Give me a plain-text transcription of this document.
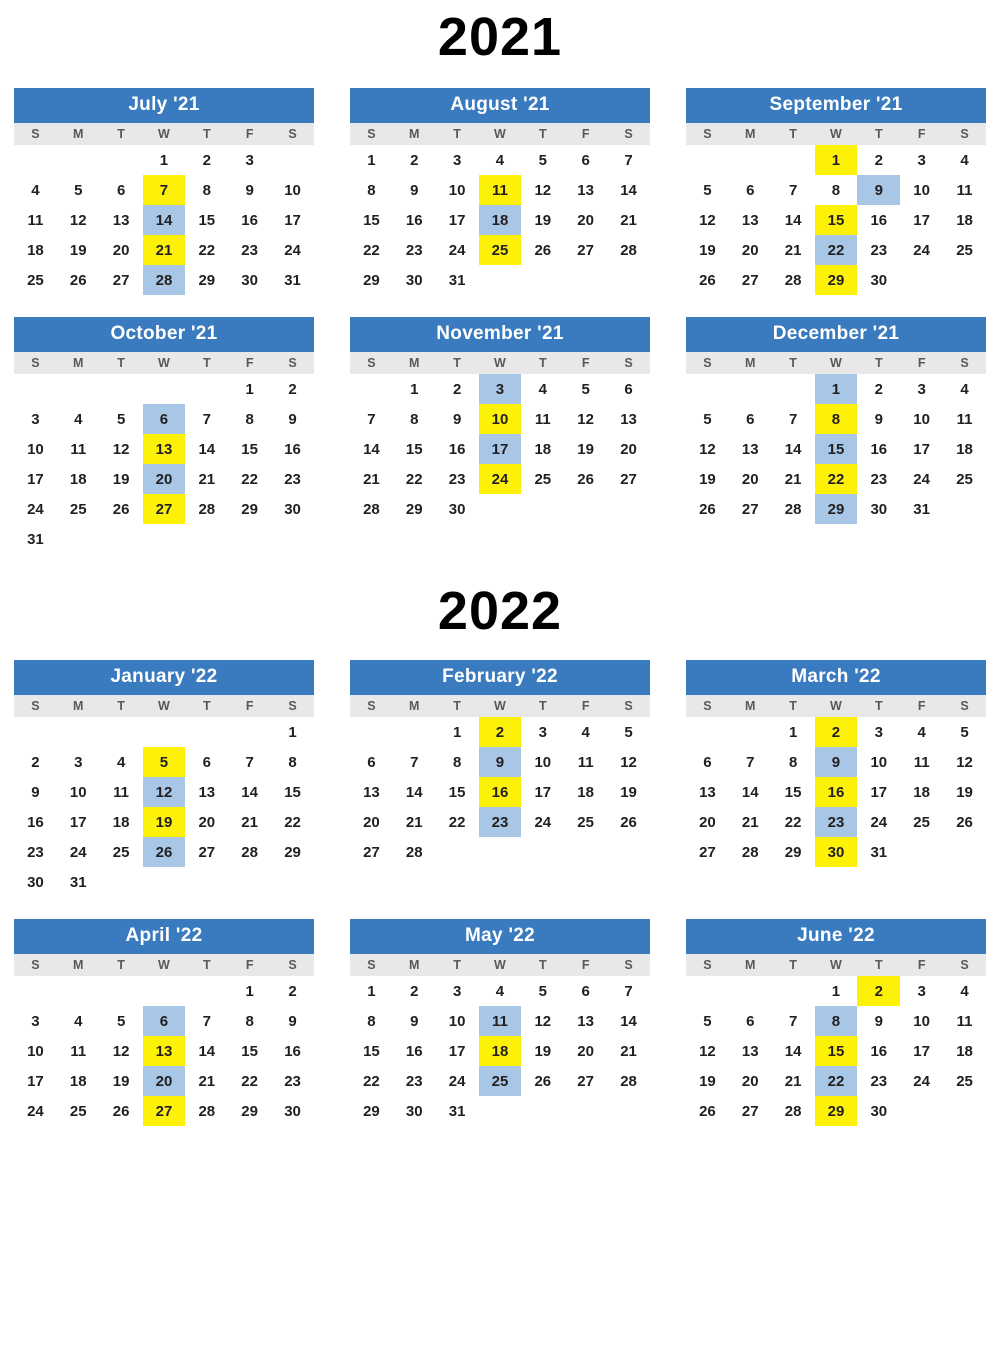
2021
July '21
S	M	T	W	T	F	S
			1	2	3	
4	5	6	7	8	9	10
11	12	13	14	15	16	17
18	19	20	21	22	23	24
25	26	27	28	29	30	31
August '21
S	M	T	W	T	F	S
1	2	3	4	5	6	7
8	9	10	11	12	13	14
15	16	17	18	19	20	21
22	23	24	25	26	27	28
29	30	31				
September '21
S	M	T	W	T	F	S
			1	2	3	4
5	6	7	8	9	10	11
12	13	14	15	16	17	18
19	20	21	22	23	24	25
26	27	28	29	30		
October '21
S	M	T	W	T	F	S
					1	2
3	4	5	6	7	8	9
10	11	12	13	14	15	16
17	18	19	20	21	22	23
24	25	26	27	28	29	30
31						
November '21
S	M	T	W	T	F	S
	1	2	3	4	5	6
7	8	9	10	11	12	13
14	15	16	17	18	19	20
21	22	23	24	25	26	27
28	29	30				
December '21
S	M	T	W	T	F	S
			1	2	3	4
5	6	7	8	9	10	11
12	13	14	15	16	17	18
19	20	21	22	23	24	25
26	27	28	29	30	31	
2022
January '22
S	M	T	W	T	F	S
						1
2	3	4	5	6	7	8
9	10	11	12	13	14	15
16	17	18	19	20	21	22
23	24	25	26	27	28	29
30	31					
February '22
S	M	T	W	T	F	S
		1	2	3	4	5
6	7	8	9	10	11	12
13	14	15	16	17	18	19
20	21	22	23	24	25	26
27	28					
March '22
S	M	T	W	T	F	S
		1	2	3	4	5
6	7	8	9	10	11	12
13	14	15	16	17	18	19
20	21	22	23	24	25	26
27	28	29	30	31		
April '22
S	M	T	W	T	F	S
					1	2
3	4	5	6	7	8	9
10	11	12	13	14	15	16
17	18	19	20	21	22	23
24	25	26	27	28	29	30
May '22
S	M	T	W	T	F	S
1	2	3	4	5	6	7
8	9	10	11	12	13	14
15	16	17	18	19	20	21
22	23	24	25	26	27	28
29	30	31				
June '22
S	M	T	W	T	F	S
			1	2	3	4
5	6	7	8	9	10	11
12	13	14	15	16	17	18
19	20	21	22	23	24	25
26	27	28	29	30		
